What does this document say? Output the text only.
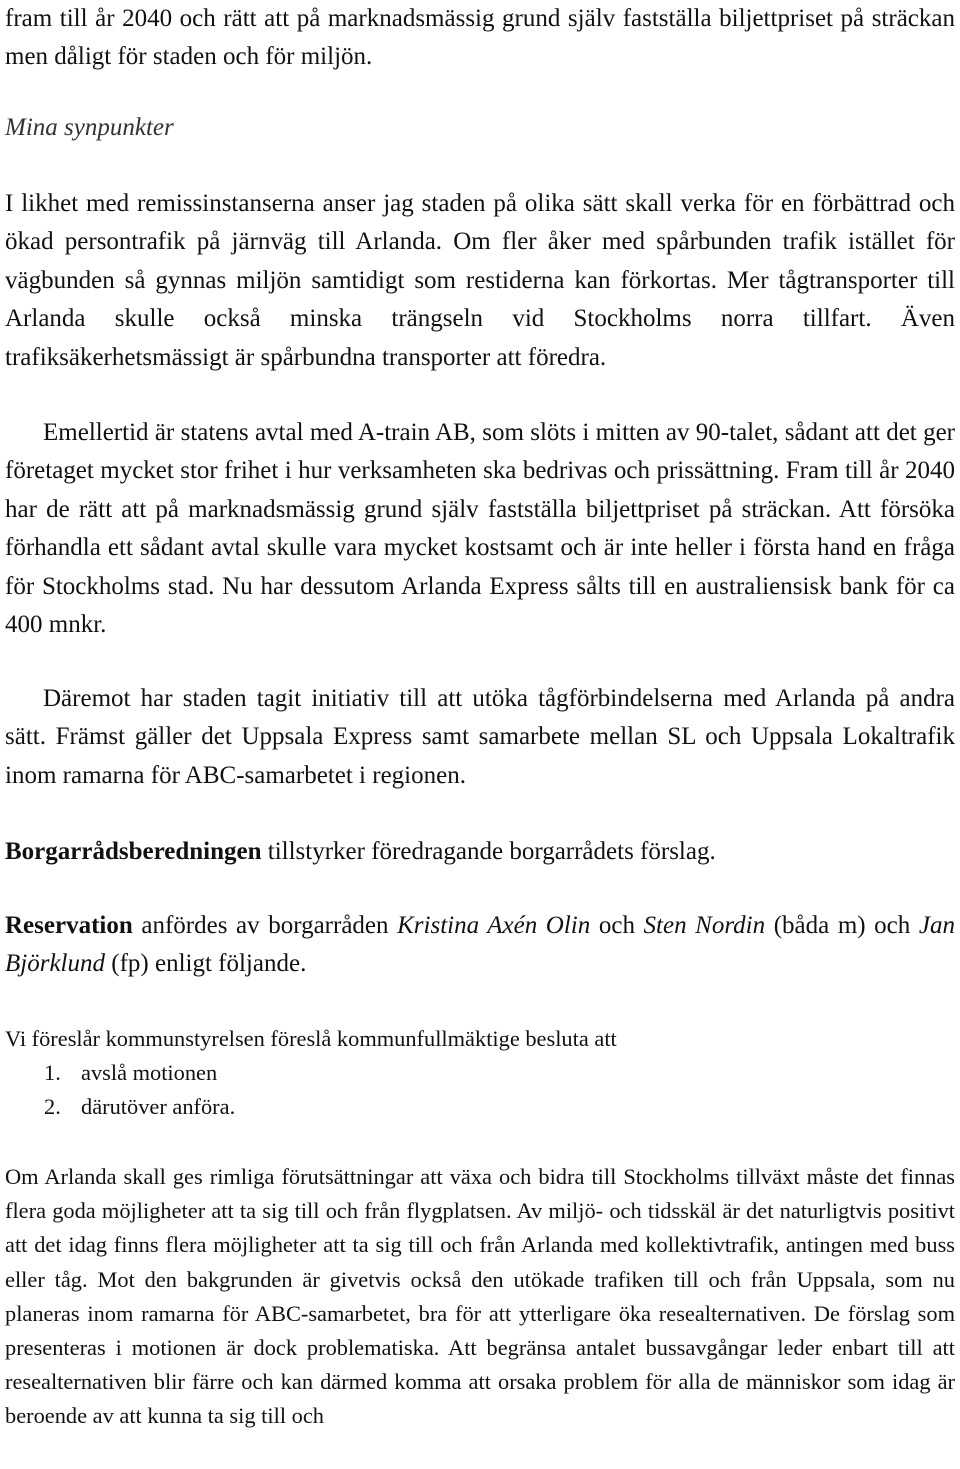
fram till år 2040 och rätt att på marknadsmässig grund själv fastställa biljettpriset på sträckan men dåligt för staden och för miljön.

Mina synpunkter

I likhet med remissinstanserna anser jag staden på olika sätt skall verka för en förbättrad och ökad persontrafik på järnväg till Arlanda. Om fler åker med spårbunden trafik istället för vägbunden så gynnas miljön samtidigt som restiderna kan förkortas. Mer tågtransporter till Arlanda skulle också minska trängseln vid Stockholms norra tillfart. Även trafiksäkerhetsmässigt är spårbundna transporter att föredra.

Emellertid är statens avtal med A-train AB, som slöts i mitten av 90-talet, sådant att det ger företaget mycket stor frihet i hur verksamheten ska bedrivas och prissättning. Fram till år 2040 har de rätt att på marknadsmässig grund själv fastställa biljettpriset på sträckan. Att försöka förhandla ett sådant avtal skulle vara mycket kostsamt och är inte heller i första hand en fråga för Stockholms stad. Nu har dessutom Arlanda Express sålts till en australiensisk bank för ca 400 mnkr.

Däremot har staden tagit initiativ till att utöka tågförbindelserna med Arlanda på andra sätt. Främst gäller det Uppsala Express samt samarbete mellan SL och Uppsala Lokaltrafik inom ramarna för ABC-samarbetet i regionen.

Borgarrådsberedningen tillstyrker föredragande borgarrådets förslag.

Reservation anfördes av borgarråden Kristina Axén Olin och Sten Nordin (båda m) och Jan Björklund (fp) enligt följande.

Vi föreslår kommunstyrelsen föreslå kommunfullmäktige besluta att

1. avslå motionen
2. därutöver anföra.

Om Arlanda skall ges rimliga förutsättningar att växa och bidra till Stockholms tillväxt måste det finnas flera goda möjligheter att ta sig till och från flygplatsen. Av miljö- och tidsskäl är det naturligtvis positivt att det idag finns flera möjligheter att ta sig till och från Arlanda med kollektivtrafik, antingen med buss eller tåg. Mot den bakgrunden är givetvis också den utökade trafiken till och från Uppsala, som nu planeras inom ramarna för ABC-samarbetet, bra för att ytterligare öka resealternativen. De förslag som presenteras i motionen är dock problematiska. Att begränsa antalet bussavgångar leder enbart till att resealternativen blir färre och kan därmed komma att orsaka problem för alla de människor som idag är beroende av att kunna ta sig till och
